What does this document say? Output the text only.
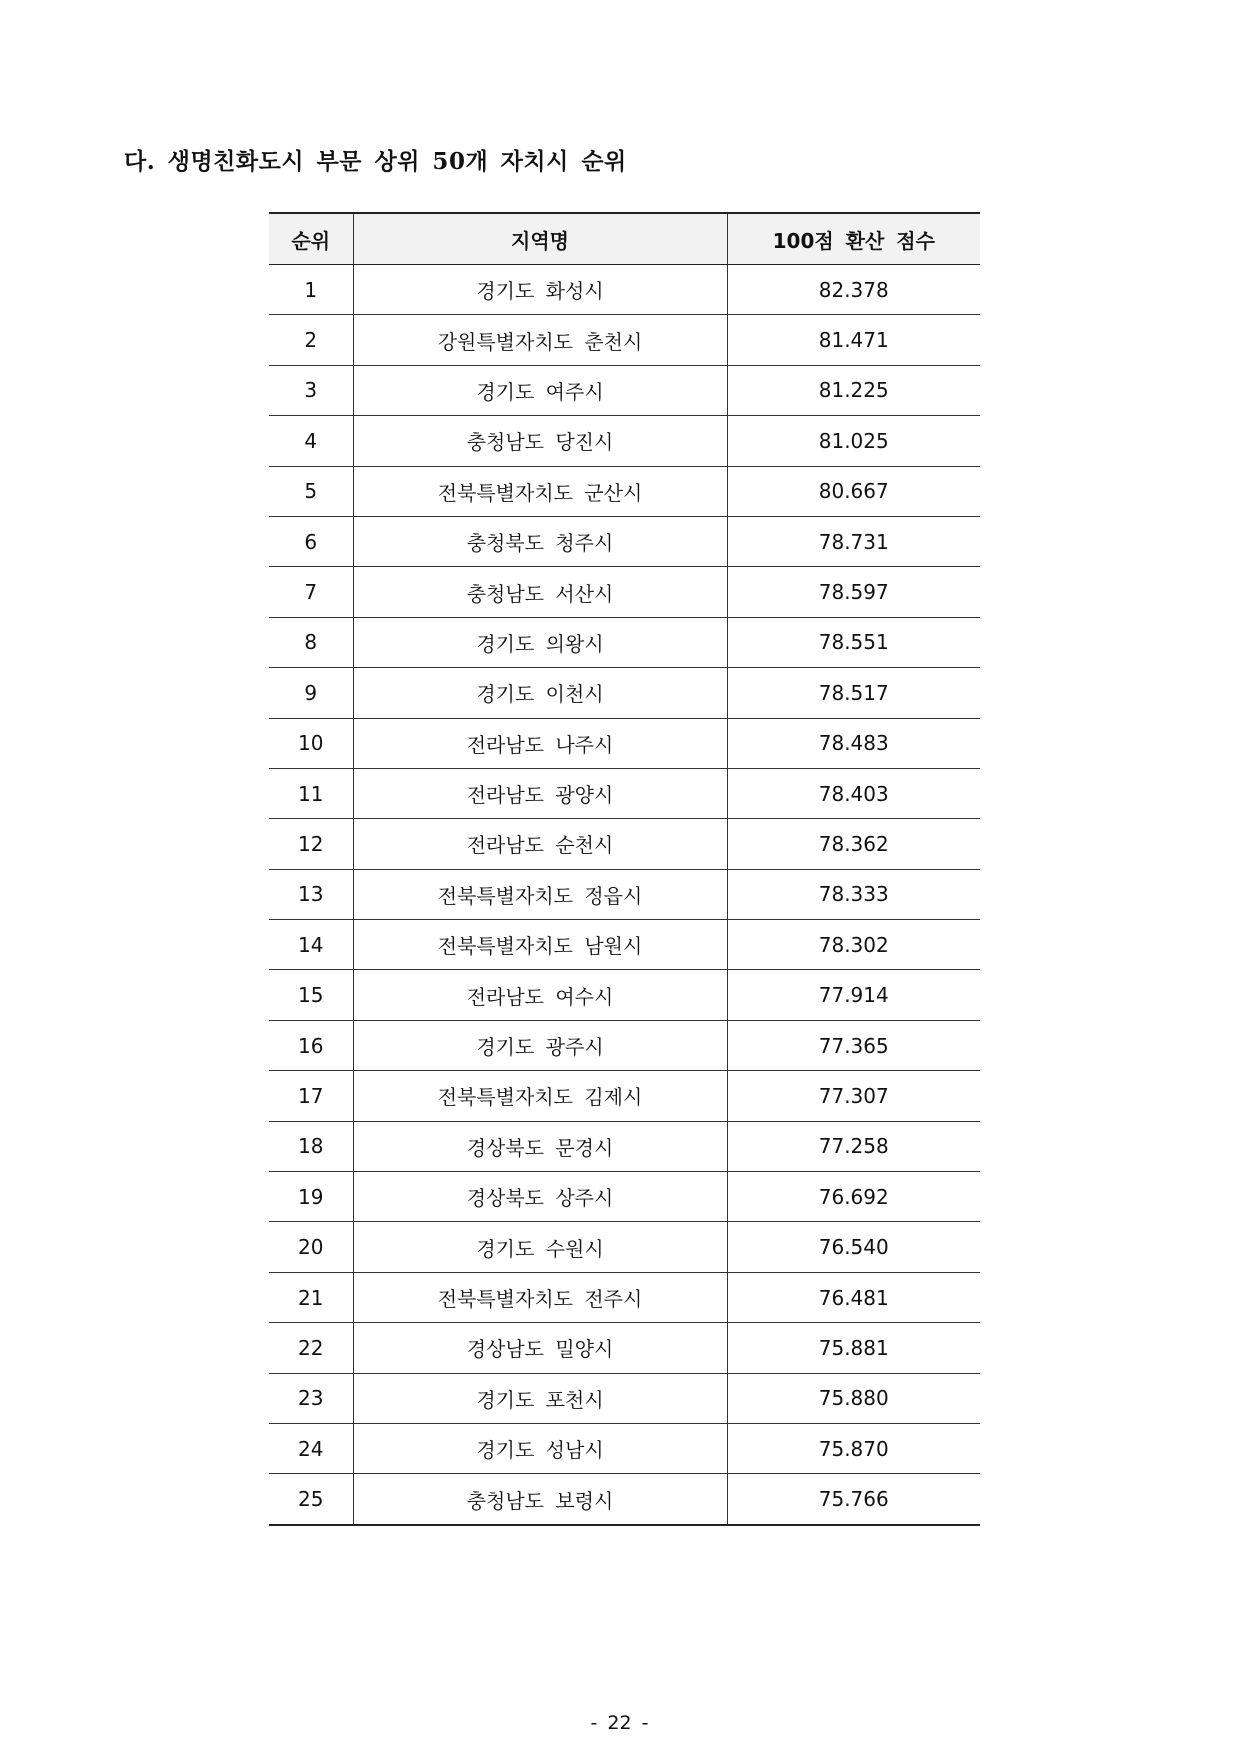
다. 생명친화도시 부문 상위 50개 자치시 순위
순위	지역명	100점 환산 점수
1	경기도 화성시	82.378
2	강원특별자치도 춘천시	81.471
3	경기도 여주시	81.225
4	충청남도 당진시	81.025
5	전북특별자치도 군산시	80.667
6	충청북도 청주시	78.731
7	충청남도 서산시	78.597
8	경기도 의왕시	78.551
9	경기도 이천시	78.517
10	전라남도 나주시	78.483
11	전라남도 광양시	78.403
12	전라남도 순천시	78.362
13	전북특별자치도 정읍시	78.333
14	전북특별자치도 남원시	78.302
15	전라남도 여수시	77.914
16	경기도 광주시	77.365
17	전북특별자치도 김제시	77.307
18	경상북도 문경시	77.258
19	경상북도 상주시	76.692
20	경기도 수원시	76.540
21	전북특별자치도 전주시	76.481
22	경상남도 밀양시	75.881
23	경기도 포천시	75.880
24	경기도 성남시	75.870
25	충청남도 보령시	75.766

- 22 -
